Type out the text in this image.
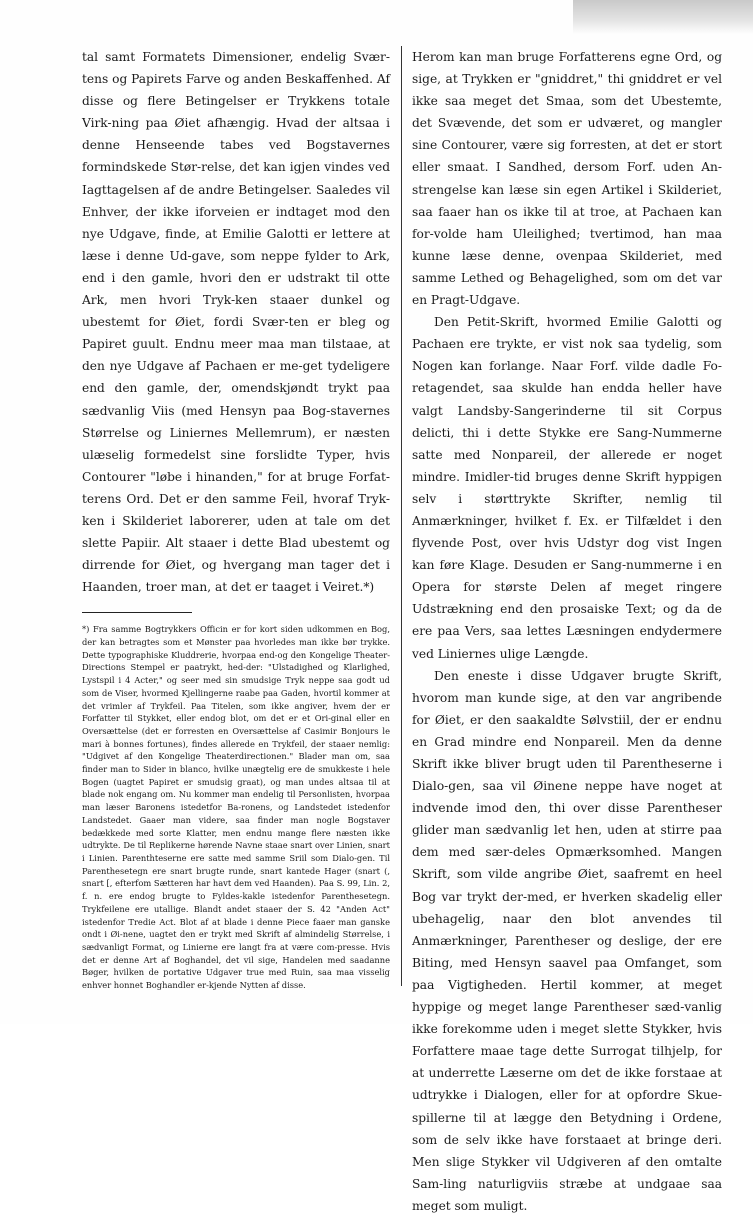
tal samt Formatets Dimensioner, endelig Svær-tens og Papirets Farve og anden Beskaffenhed. Af disse og flere Betingelser er Trykkens totale Virk-ning paa Øiet afhængig. Hvad der altsaa i denne Henseende tabes ved Bogstavernes formindskede Stør-relse, det kan igjen vindes ved Iagttagelsen af de andre Betingelser. Saaledes vil Enhver, der ikke iforveien er indtaget mod den nye Udgave, finde, at Emilie Galotti er lettere at læse i denne Ud-gave, som neppe fylder to Ark, end i den gamle, hvori den er udstrakt til otte Ark, men hvori Tryk-ken staaer dunkel og ubestemt for Øiet, fordi Svær-ten er bleg og Papiret guult. Endnu meer maa man tilstaae, at den nye Udgave af Pachaen er me-get tydeligere end den gamle, der, omendskjøndt trykt paa sædvanlig Viis (med Hensyn paa Bog-stavernes Størrelse og Liniernes Mellemrum), er næsten ulæselig formedelst sine forslidte Typer, hvis Contourer "løbe i hinanden," for at bruge Forfat-terens Ord. Det er den samme Feil, hvoraf Tryk-ken i Skilderiet laborerer, uden at tale om det slette Papiir. Alt staaer i dette Blad ubestemt og dirrende for Øiet, og hvergang man tager det i Haanden, troer man, at det er taaget i Veiret.*)

*) Fra samme Bogtrykkers Officin er for kort siden udkommen en Bog, der kan betragtes som et Mønster paa hvorledes man ikke bør trykke. Dette typographiske Kluddrerie, hvorpaa end-og den Kongelige Theater-Directions Stempel er paatrykt, hed-der: "Ulstadighed og Klarlighed, Lystspil i 4 Acter," og seer med sin smudsige Tryk neppe saa godt ud som de Viser, hvormed Kjellingerne raabe paa Gaden, hvortil kommer at det vrimler af Trykfeil. Paa Titelen, som ikke angiver, hvem der er Forfatter til Stykket, eller endog blot, om det er et Ori-ginal eller en Oversættelse (det er forresten en Oversættelse af Casimir Bonjours le mari à bonnes fortunes), findes allerede en Trykfeil, der staaer nemlig: "Udgivet af den Kongelige Theaterdirectionen." Blader man om, saa finder man to Sider in blanco, hvilke unægtelig ere de smukkeste i hele Bogen (uagtet Papiret er smudsig graat), og man undes altsaa til at blade nok engang om. Nu kommer man endelig til Personlisten, hvorpaa man læser Baronens istedetfor Ba-ronens, og Landstedet istedenfor Landstedet. Gaaer man videre, saa finder man nogle Bogstaver bedækkede med sorte Klatter, men endnu mange flere næsten ikke udtrykte. De til Replikerne hørende Navne staae snart over Linien, snart i Linien. Parenthteserne ere satte med samme Sriil som Dialo-gen. Til Parenthesetegn ere snart brugte runde, snart kantede Hager (snart (, snart [, efterfom Sætteren har havt dem ved Haanden). Paa S. 99, Lin. 2, f. n. ere endog brugte to Fyldes-kakle istedenfor Parenthesetegn. Trykfeilene ere utallige. Blandt andet staaer der S. 42 "Anden Act" istedenfor Tredie Act. Blot af at blade i denne Piece faaer man ganske ondt i Øi-nene, uagtet den er trykt med Skrift af almindelig Størrelse, i sædvanligt Format, og Linierne ere langt fra at være com-presse. Hvis det er denne Art af Boghandel, det vil sige, Handelen med saadanne Bøger, hvilken de portative Udgaver true med Ruin, saa maa visselig enhver honnet Boghandler er-kjende Nytten af disse.

Herom kan man bruge Forfatterens egne Ord, og sige, at Trykken er "gniddret," thi gniddret er vel ikke saa meget det Smaa, som det Ubestemte, det Svævende, det som er udværet, og mangler sine Contourer, være sig forresten, at det er stort eller smaat. I Sandhed, dersom Forf. uden An-strengelse kan læse sin egen Artikel i Skilderiet, saa faaer han os ikke til at troe, at Pachaen kan for-volde ham Uleilighed; tvertimod, han maa kunne læse denne, ovenpaa Skilderiet, med samme Lethed og Behagelighed, som om det var en Pragt-Udgave.

Den Petit-Skrift, hvormed Emilie Galotti og Pachaen ere trykte, er vist nok saa tydelig, som Nogen kan forlange. Naar Forf. vilde dadle Fo-retagendet, saa skulde han endda heller have valgt Landsby-Sangerinderne til sit Corpus delicti, thi i dette Stykke ere Sang-Nummerne satte med Nonpareil, der allerede er noget mindre. Imidler-tid bruges denne Skrift hyppigen selv i størttrykte Skrifter, nemlig til Anmærkninger, hvilket f. Ex. er Tilfældet i den flyvende Post, over hvis Udstyr dog vist Ingen kan føre Klage. Desuden er Sang-nummerne i en Opera for største Delen af meget ringere Udstrækning end den prosaiske Text; og da de ere paa Vers, saa lettes Læsningen endydermere ved Liniernes ulige Længde.

Den eneste i disse Udgaver brugte Skrift, hvorom man kunde sige, at den var angribende for Øiet, er den saakaldte Sølvstiil, der er endnu en Grad mindre end Nonpareil. Men da denne Skrift ikke bliver brugt uden til Parentheserne i Dialo-gen, saa vil Øinene neppe have noget at indvende imod den, thi over disse Parentheser glider man sædvanlig let hen, uden at stirre paa dem med sær-deles Opmærksomhed. Mangen Skrift, som vilde angribe Øiet, saafremt en heel Bog var trykt der-med, er hverken skadelig eller ubehagelig, naar den blot anvendes til Anmærkninger, Parentheser og deslige, der ere Biting, med Hensyn saavel paa Omfanget, som paa Vigtigheden. Hertil kommer, at meget hyppige og meget lange Parentheser sæd-vanlig ikke forekomme uden i meget slette Stykker, hvis Forfattere maae tage dette Surrogat tilhjelp, for at underrette Læserne om det de ikke forstaae at udtrykke i Dialogen, eller for at opfordre Skue-spillerne til at lægge den Betydning i Ordene, som de selv ikke have forstaaet at bringe deri. Men slige Stykker vil Udgiveren af den omtalte Sam-ling naturligviis stræbe at undgaae saa meget som muligt.
